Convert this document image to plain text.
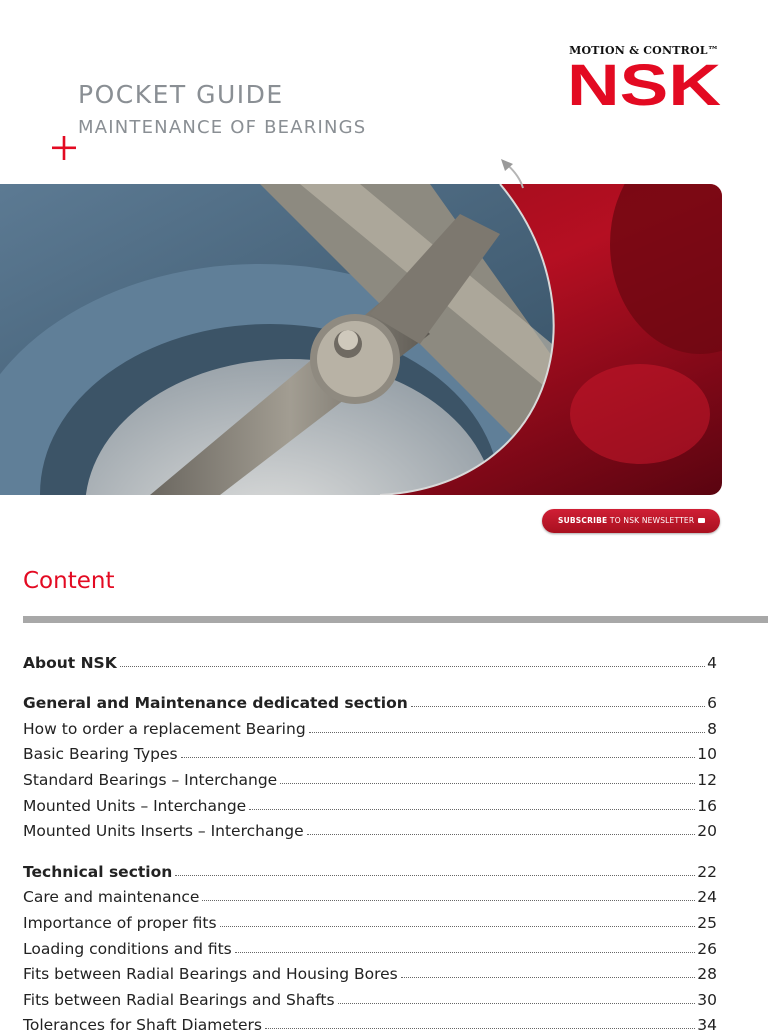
MOTION & CONTROL™
NSK
POCKET GUIDE
MAINTENANCE OF BEARINGS
SUBSCRIBE TO NSK NEWSLETTER
Content
About NSK	4
General and Maintenance dedicated section	6
How to order a replacement Bearing	8
Basic Bearing Types	10
Standard Bearings – Interchange	12
Mounted Units – Interchange	16
Mounted Units Inserts – Interchange	20
Technical section	22
Care and maintenance	24
Importance of proper fits	25
Loading conditions and fits	26
Fits between Radial Bearings and Housing Bores	28
Fits between Radial Bearings and Shafts	30
Tolerances for Shaft Diameters	34
